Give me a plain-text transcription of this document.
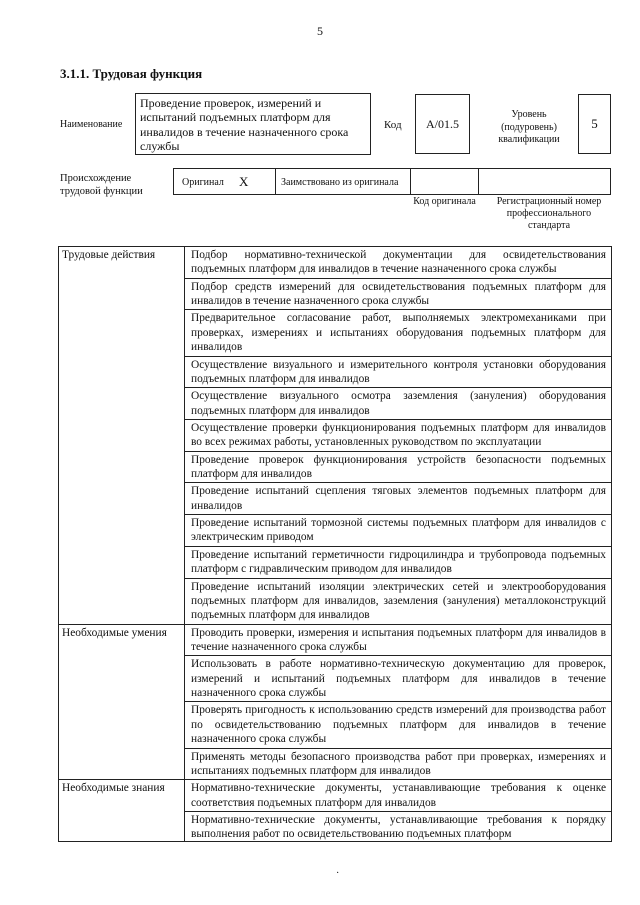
5
3.1.1. Трудовая функция
Наименование
Проведение проверок, измерений и испытаний подъемных платформ для инвалидов в течение назначенного срока службы
Код	A/01.5
Уровень (подуровень) квалификации
5
Происхождение трудовой функции
Оригинал X	Заимствовано из оригинала
Код оригинала	Регистрационный номер профессионального стандарта
Трудовые действия	Подбор нормативно-технической документации для освидетельствования подъемных платформ для инвалидов в течение назначенного срока службы
	Подбор средств измерений для освидетельствования подъемных платформ для инвалидов в течение назначенного срока службы
	Предварительное согласование работ, выполняемых электромеханиками при проверках, измерениях и испытаниях оборудования подъемных платформ для инвалидов
	Осуществление визуального и измерительного контроля установки оборудования подъемных платформ для инвалидов
	Осуществление визуального осмотра заземления (зануления) оборудования подъемных платформ для инвалидов
	Осуществление проверки функционирования подъемных платформ для инвалидов во всех режимах работы, установленных руководством по эксплуатации
	Проведение проверок функционирования устройств безопасности подъемных платформ для инвалидов
	Проведение испытаний сцепления тяговых элементов подъемных платформ для инвалидов
	Проведение испытаний тормозной системы подъемных платформ для инвалидов с электрическим приводом
	Проведение испытаний герметичности гидроцилиндра и трубопровода подъемных платформ с гидравлическим приводом для инвалидов
	Проведение испытаний изоляции электрических сетей и электрооборудования подъемных платформ для инвалидов, заземления (зануления) металлоконструкций подъемных платформ для инвалидов
Необходимые умения	Проводить проверки, измерения и испытания подъемных платформ для инвалидов в течение назначенного срока службы
	Использовать в работе нормативно-техническую документацию для проверок, измерений и испытаний подъемных платформ для инвалидов в течение назначенного срока службы
	Проверять пригодность к использованию средств измерений для производства работ по освидетельствованию подъемных платформ для инвалидов в течение назначенного срока службы
	Применять методы безопасного производства работ при проверках, измерениях и испытаниях подъемных платформ для инвалидов
Необходимые знания	Нормативно-технические документы, устанавливающие требования к оценке соответствия подъемных платформ для инвалидов

	Нормативно-технические документы, устанавливающие требования к порядку выполнения работ по освидетельствованию подъемных платформ
·
